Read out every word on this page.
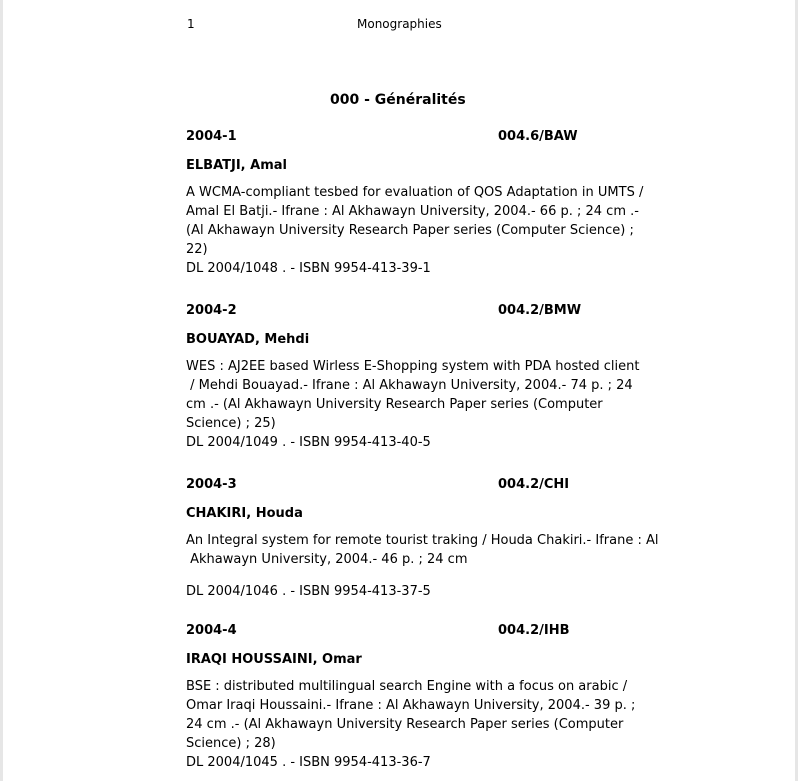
1	Monographies
000 - Généralités
2004-1	004.6/BAW
ELBATJI, Amal
A WCMA-compliant tesbed for evaluation of QOS Adaptation in UMTS /
Amal El Batji.- Ifrane : Al Akhawayn University, 2004.- 66 p. ; 24 cm .-
(Al Akhawayn University Research Paper series (Computer Science) ;
22)
DL 2004/1048 . - ISBN 9954-413-39-1
2004-2	004.2/BMW
BOUAYAD, Mehdi
WES : AJ2EE based Wirless E-Shopping system with PDA hosted client
/ Mehdi Bouayad.- Ifrane : Al Akhawayn University, 2004.- 74 p. ; 24
cm .- (Al Akhawayn University Research Paper series (Computer
Science) ; 25)
DL 2004/1049 . - ISBN 9954-413-40-5
2004-3	004.2/CHI
CHAKIRI, Houda
An Integral system for remote tourist traking / Houda Chakiri.- Ifrane : Al
Akhawayn University, 2004.- 46 p. ; 24 cm
DL 2004/1046 . - ISBN 9954-413-37-5
2004-4	004.2/IHB
IRAQI HOUSSAINI, Omar
BSE : distributed multilingual search Engine with a focus on arabic /
Omar Iraqi Houssaini.- Ifrane : Al Akhawayn University, 2004.- 39 p. ;
24 cm .- (Al Akhawayn University Research Paper series (Computer
Science) ; 28)
DL 2004/1045 . - ISBN 9954-413-36-7
